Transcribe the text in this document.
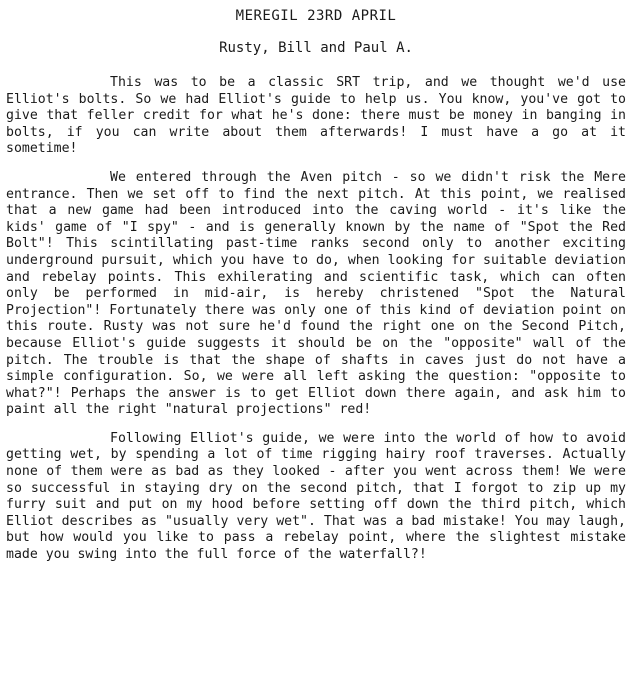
MEREGIL 23RD APRIL
Rusty, Bill and Paul A.

This was to be a classic SRT trip, and we thought we'd use Elliot's bolts. So we had Elliot's guide to help us. You know, you've got to give that feller credit for what he's done: there must be money in banging in bolts, if you can write about them afterwards! I must have a go at it sometime!

We entered through the Aven pitch - so we didn't risk the Mere entrance. Then we set off to find the next pitch. At this point, we realised that a new game had been introduced into the caving world - it's like the kids' game of "I spy" - and is generally known by the name of "Spot the Red Bolt"! This scintillating past-time ranks second only to another exciting underground pursuit, which you have to do, when looking for suitable deviation and rebelay points. This exhilerating and scientific task, which can often only be performed in mid-air, is hereby christened "Spot the Natural Projection"! Fortunately there was only one of this kind of deviation point on this route. Rusty was not sure he'd found the right one on the Second Pitch, because Elliot's guide suggests it should be on the "opposite" wall of the pitch. The trouble is that the shape of shafts in caves just do not have a simple configuration. So, we were all left asking the question: "opposite to what?"! Perhaps the answer is to get Elliot down there again, and ask him to paint all the right "natural projections" red!

Following Elliot's guide, we were into the world of how to avoid getting wet, by spending a lot of time rigging hairy roof traverses. Actually none of them were as bad as they looked - after you went across them! We were so successful in staying dry on the second pitch, that I forgot to zip up my furry suit and put on my hood before setting off down the third pitch, which Elliot describes as "usually very wet". That was a bad mistake! You may laugh, but how would you like to pass a rebelay point, where the slightest mistake made you swing into the full force of the waterfall?!
